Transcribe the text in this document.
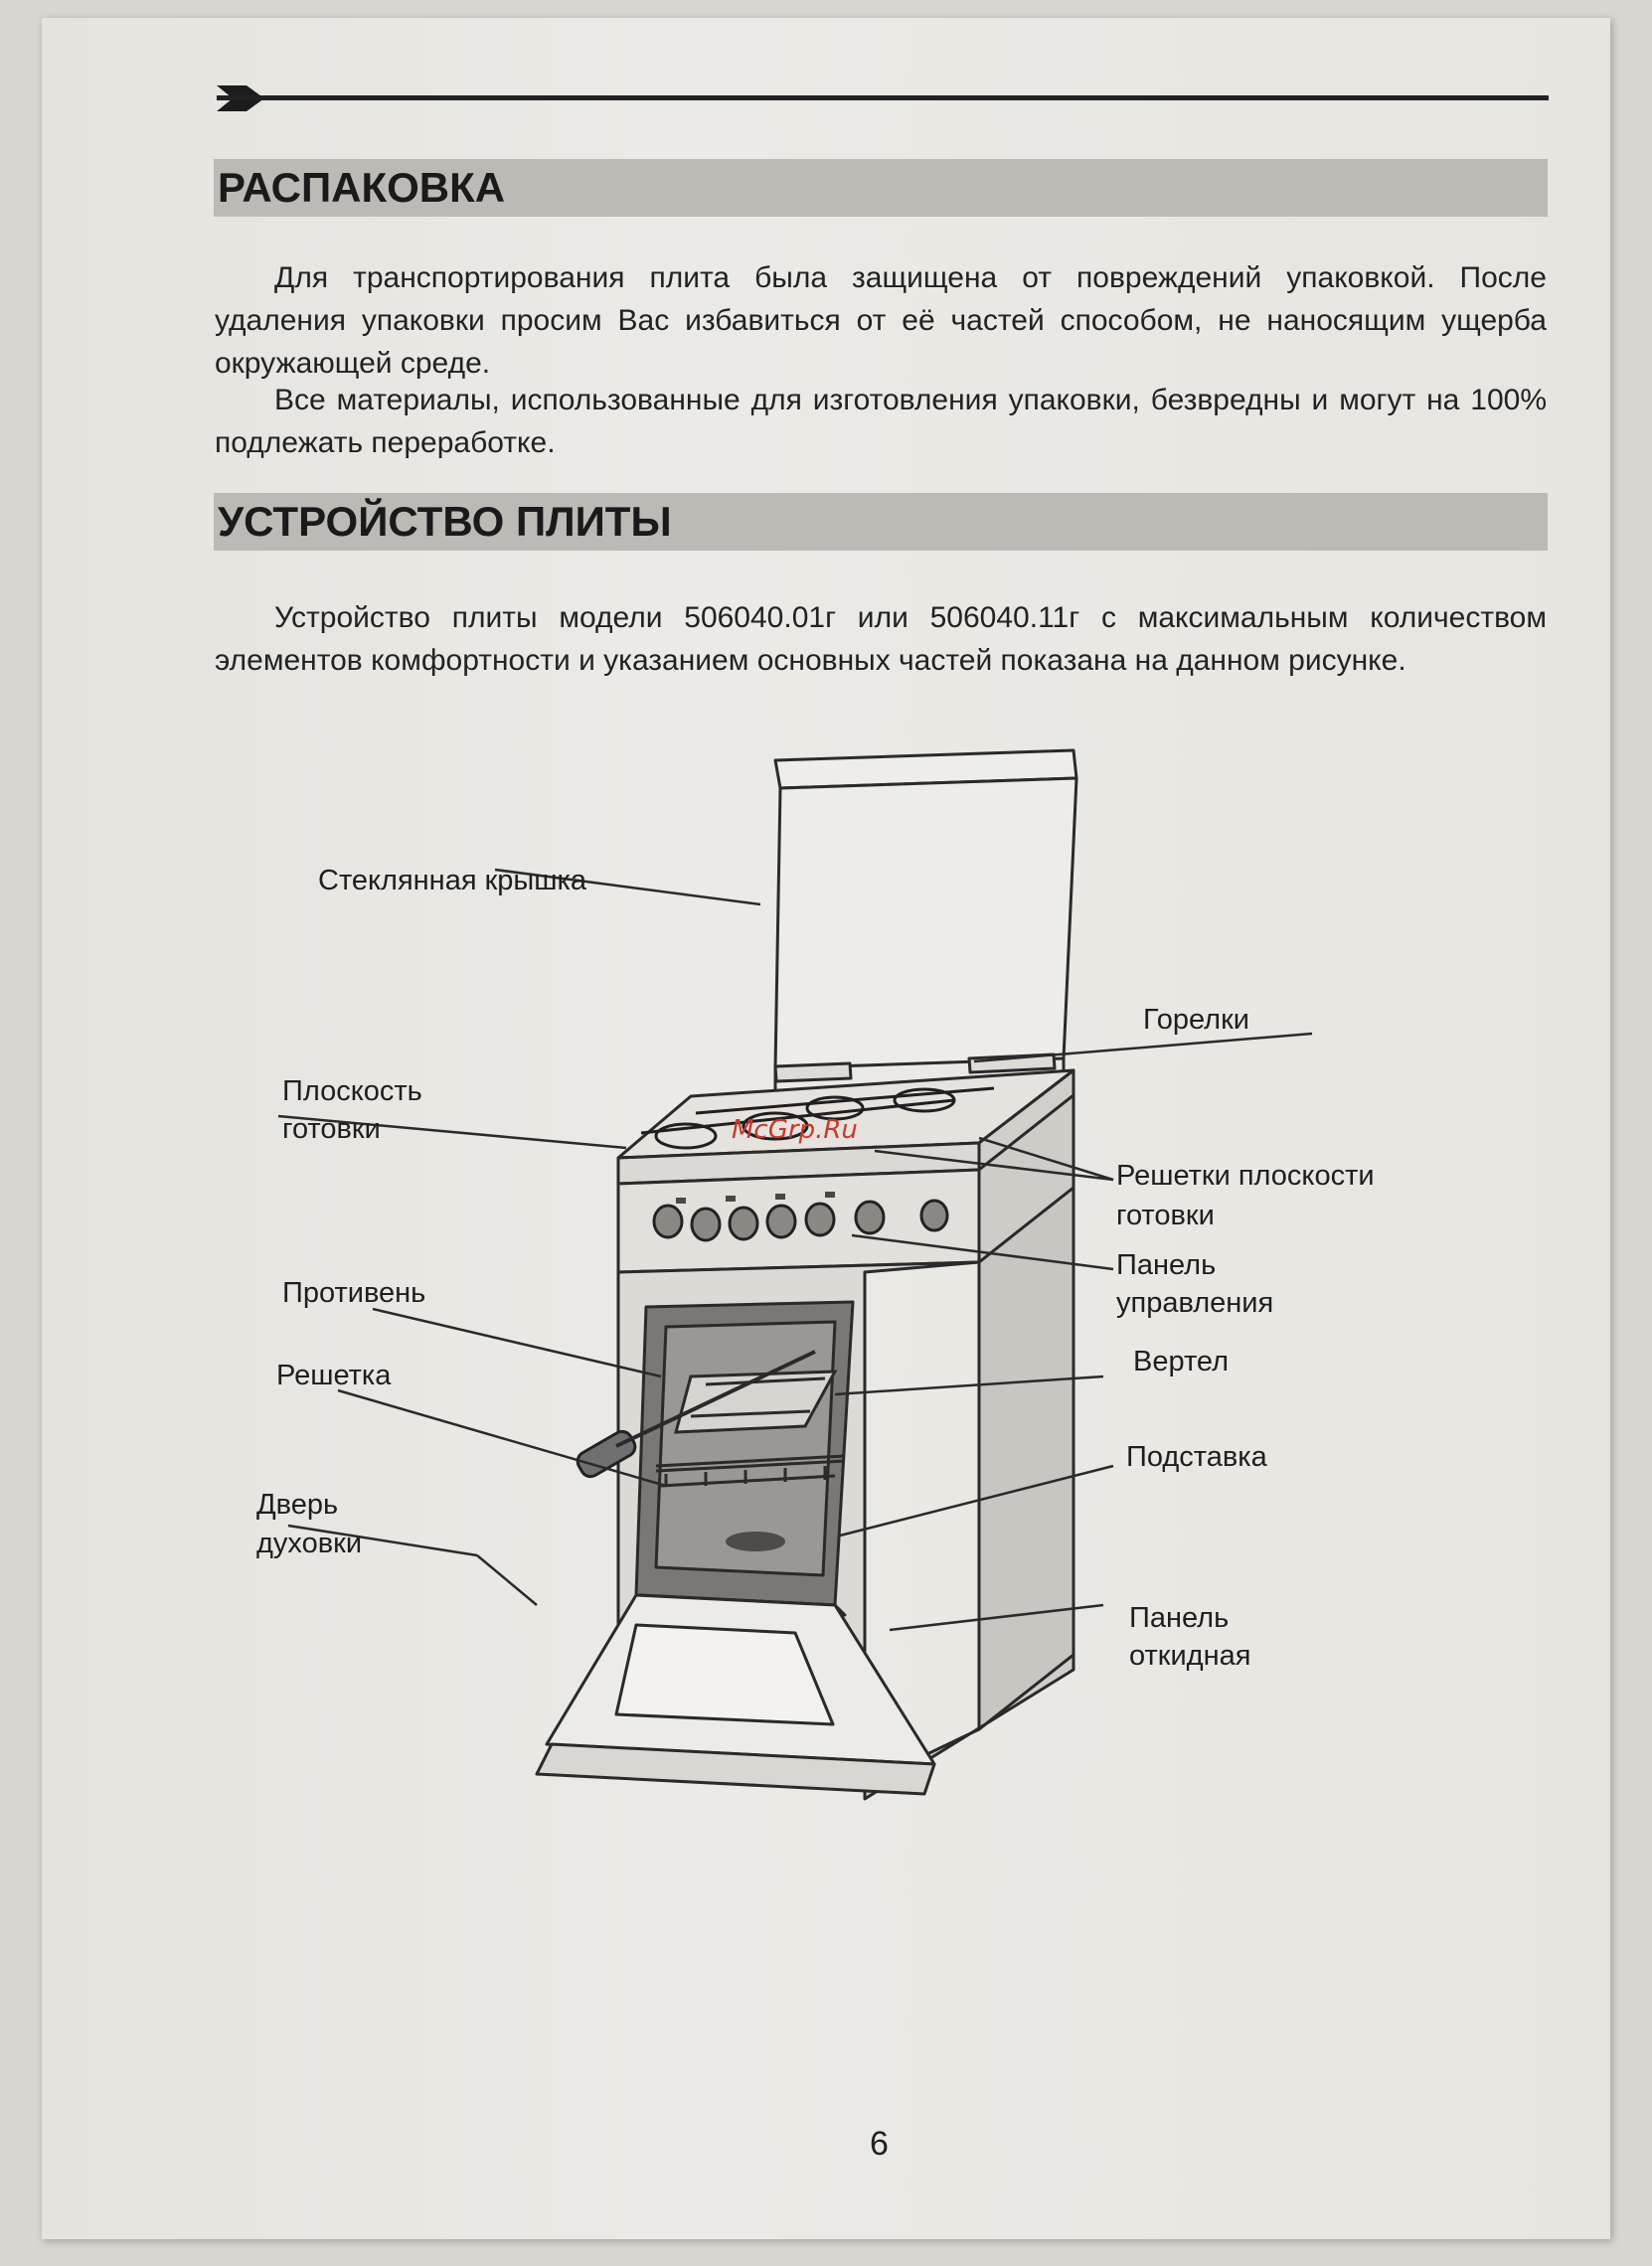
РАСПАКОВКА
Для транспортирования плита была защищена от повреждений упаковкой. После удаления упаковки просим Вас избавиться от её частей способом, не наносящим ущерба окружающей среде.
Все материалы, использованные для изготовления упаковки, безвредны и могут на 100% подлежать переработке.
УСТРОЙСТВО ПЛИТЫ
Устройство плиты модели 506040.01г или 506040.11г с максимальным количеством элементов комфортности и указанием основных частей показана на данном рисунке.
Стеклянная крышка
Горелки
Плоскость
готовки
Решетки плоскости
готовки
Панель
управления
Противень
Вертел
Решетка
Подставка
Дверь
духовки
Панель
откидная
McGrp.Ru
6
